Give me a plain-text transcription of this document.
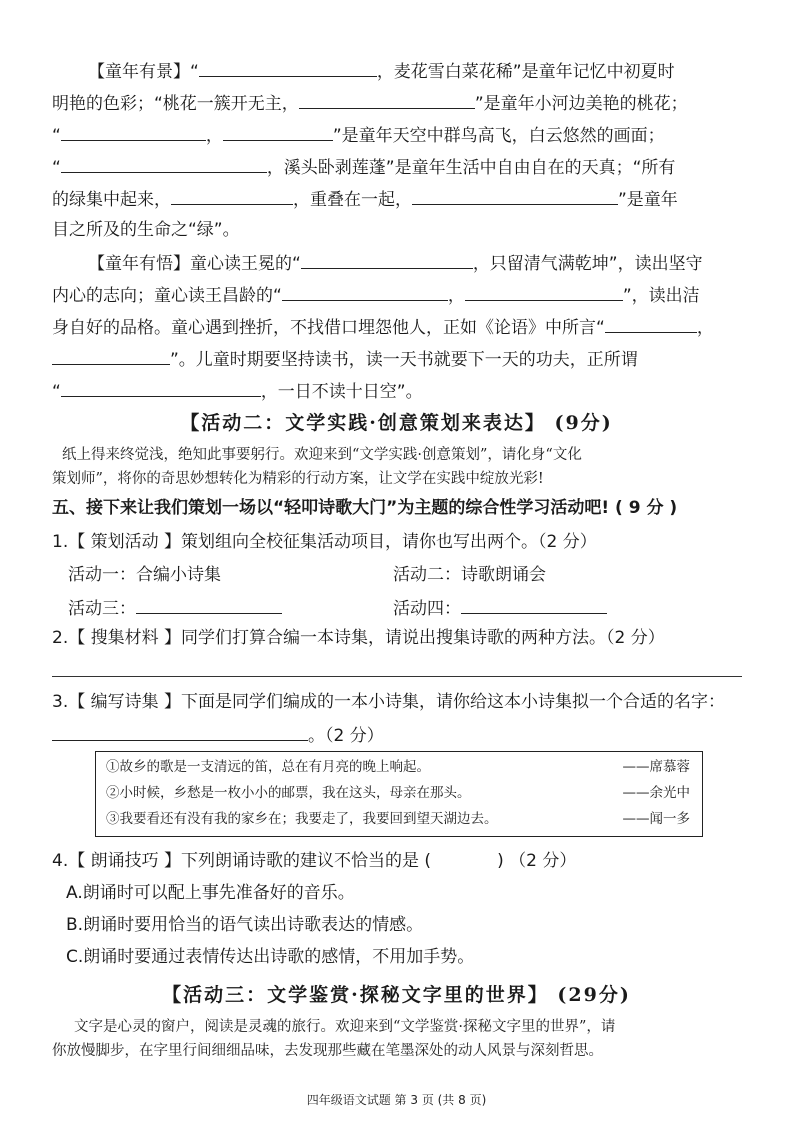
【童年有景】“	，麦花雪白菜花稀”是童年记忆中初夏时
明艳的色彩；“桃花一簇开无主，	”是童年小河边美艳的桃花；
“	，	”是童年天空中群鸟高飞，白云悠然的画面；
“	，溪头卧剥莲蓬”是童年生活中自由自在的天真；“所有
的绿集中起来，	，重叠在一起，	”是童年
目之所及的生命之“绿”。
【童年有悟】童心读王冕的“	，只留清气满乾坤”，读出坚守
内心的志向；童心读王昌龄的“	，	”，读出洁
身自好的品格。童心遇到挫折，不找借口埋怨他人，正如《论语》中所言“	，
”。儿童时期要坚持读书，读一天书就要下一天的功夫，正所谓
“	，一日不读十日空”。
【活动二：文学实践·创意策划来表达】 (9分)
纸上得来终觉浅，绝知此事要躬行。欢迎来到“文学实践·创意策划”，请化身“文化
策划师”，将你的奇思妙想转化为精彩的行动方案，让文学在实践中绽放光彩!
五、接下来让我们策划一场以“轻叩诗歌大门”为主题的综合性学习活动吧! ( 9 分 )
1.【 策划活动 】策划组向全校征集活动项目，请你也写出两个。（2 分）
活动一：合编小诗集	活动二：诗歌朗诵会
活动三：	活动四：
2.【 搜集材料 】同学们打算合编一本诗集，请说出搜集诗歌的两种方法。（2 分）
3.【 编写诗集 】下面是同学们编成的一本小诗集，请你给这本小诗集拟一个合适的名字：
。（2 分）
①故乡的歌是一支清远的笛，总在有月亮的晚上响起。	——席慕蓉
②小时候，乡愁是一枚小小的邮票，我在这头，母亲在那头。	——余光中
③我要看还有没有我的家乡在；我要走了，我要回到望天湖边去。	——闻一多
4.【 朗诵技巧 】下列朗诵诗歌的建议不恰当的是 (	) （2 分）
A.朗诵时可以配上事先准备好的音乐。
B.朗诵时要用恰当的语气读出诗歌表达的情感。
C.朗诵时要通过表情传达出诗歌的感情，不用加手势。
【活动三：文学鉴赏·探秘文字里的世界】 (29分)
文字是心灵的窗户，阅读是灵魂的旅行。欢迎来到“文学鉴赏·探秘文字里的世界”，请
你放慢脚步，在字里行间细细品味，去发现那些藏在笔墨深处的动人风景与深刻哲思。
四年级语文试题 第 3 页 (共 8 页)
